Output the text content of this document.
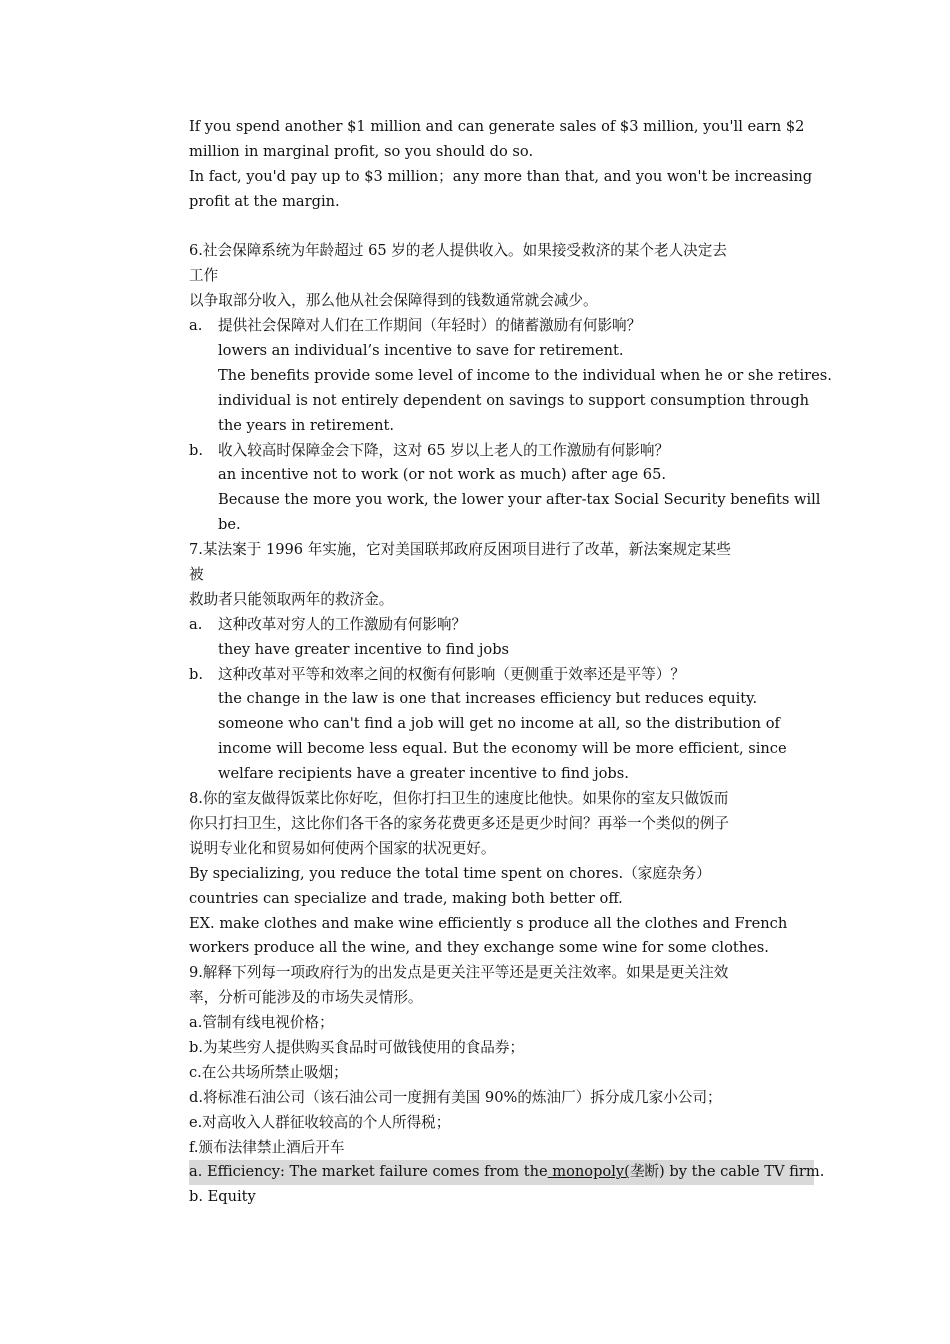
If you spend another $1 million and can generate sales of $3 million, you'll earn $2
million in marginal profit, so you should do so.
In fact, you'd pay up to $3 million；any more than that, and you won't be increasing
profit at the margin.
6.社会保障系统为年龄超过 65 岁的老人提供收入。如果接受救济的某个老人决定去
工作
以争取部分收入，那么他从社会保障得到的钱数通常就会减少。
a. 提供社会保障对人们在工作期间（年轻时）的储蓄激励有何影响？
lowers an individual’s incentive to save for retirement.
The benefits provide some level of income to the individual when he or she retires.
individual is not entirely dependent on savings to support consumption through
the years in retirement.
b. 收入较高时保障金会下降，这对 65 岁以上老人的工作激励有何影响？
an incentive not to work (or not work as much) after age 65.
Because the more you work, the lower your after-tax Social Security benefits will
be.
7.某法案于 1996 年实施，它对美国联邦政府反困项目进行了改革，新法案规定某些
被
救助者只能领取两年的救济金。
a. 这种改革对穷人的工作激励有何影响？
they have greater incentive to find jobs
b. 这种改革对平等和效率之间的权衡有何影响（更侧重于效率还是平等）？
the change in the law is one that increases efficiency but reduces equity.
someone who can't find a job will get no income at all, so the distribution of
income will become less equal. But the economy will be more efficient, since
welfare recipients have a greater incentive to find jobs.
8.你的室友做得饭菜比你好吃，但你打扫卫生的速度比他快。如果你的室友只做饭而
你只打扫卫生，这比你们各干各的家务花费更多还是更少时间？再举一个类似的例子
说明专业化和贸易如何使两个国家的状况更好。
By specializing, you reduce the total time spent on chores.（家庭杂务）
countries can specialize and trade, making both better off.
EX. make clothes and make wine efficiently s produce all the clothes and French
workers produce all the wine, and they exchange some wine for some clothes.
9.解释下列每一项政府行为的出发点是更关注平等还是更关注效率。如果是更关注效
率，分析可能涉及的市场失灵情形。
a.管制有线电视价格；
b.为某些穷人提供购买食品时可做钱使用的食品券；
c.在公共场所禁止吸烟；
d.将标准石油公司（该石油公司一度拥有美国 90%的炼油厂）拆分成几家小公司；
e.对高收入人群征收较高的个人所得税；
f.颁布法律禁止酒后开车
a. Efficiency: The market failure comes from the monopoly(垄断) by the cable TV firm.
b. Equity
